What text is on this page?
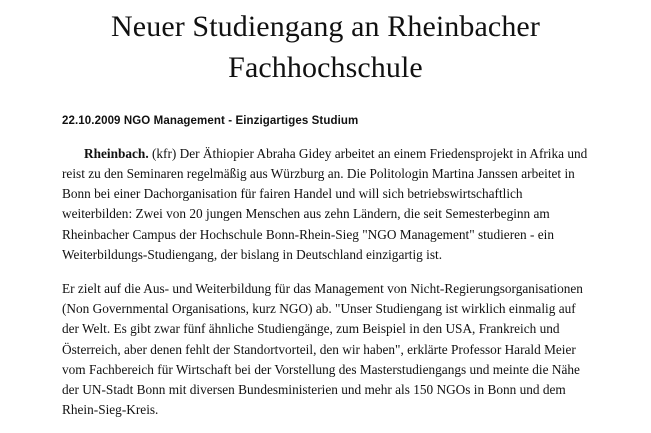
Neuer Studiengang an Rheinbacher Fachhochschule
22.10.2009 NGO Management - Einzigartiges Studium

Rheinbach. (kfr) Der Äthiopier Abraha Gidey arbeitet an einem Friedensprojekt in Afrika und reist zu den Seminaren regelmäßig aus Würzburg an. Die Politologin Martina Janssen arbeitet in Bonn bei einer Dachorganisation für fairen Handel und will sich betriebswirtschaftlich weiterbilden: Zwei von 20 jungen Menschen aus zehn Ländern, die seit Semesterbeginn am Rheinbacher Campus der Hochschule Bonn-Rhein-Sieg "NGO Management" studieren - ein Weiterbildungs-Studiengang, der bislang in Deutschland einzigartig ist.

Er zielt auf die Aus- und Weiterbildung für das Management von Nicht-Regierungsorganisationen (Non Governmental Organisations, kurz NGO) ab. "Unser Studiengang ist wirklich einmalig auf der Welt. Es gibt zwar fünf ähnliche Studiengänge, zum Beispiel in den USA, Frankreich und Österreich, aber denen fehlt der Standortvorteil, den wir haben", erklärte Professor Harald Meier vom Fachbereich für Wirtschaft bei der Vorstellung des Masterstudiengangs und meinte die Nähe der UN-Stadt Bonn mit diversen Bundesministerien und mehr als 150 NGOs in Bonn und dem Rhein-Sieg-Kreis.
